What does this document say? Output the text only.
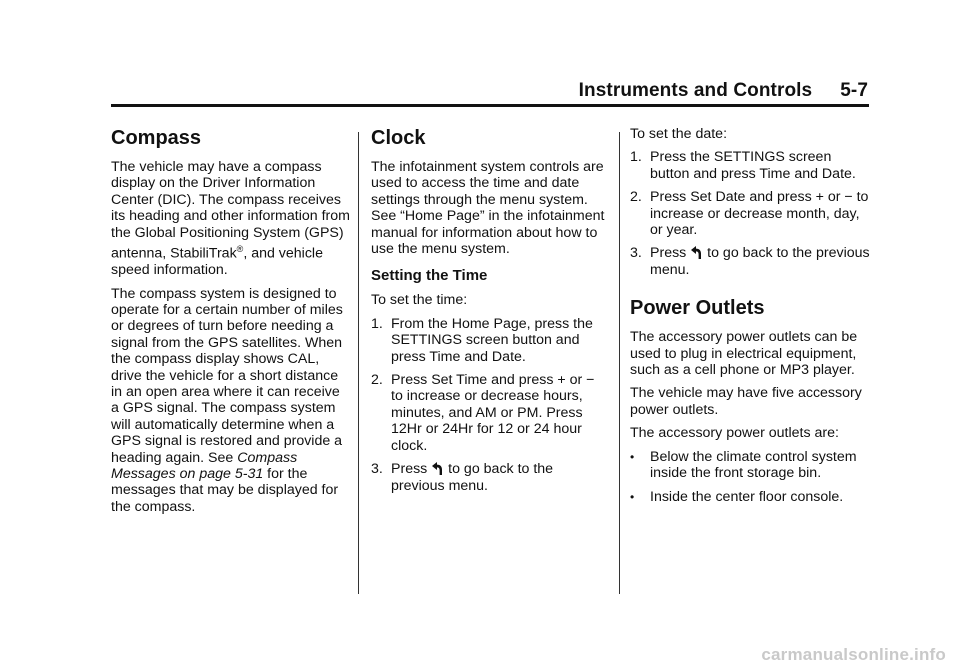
Instruments and Controls 5-7
Compass

The vehicle may have a compass display on the Driver Information Center (DIC). The compass receives its heading and other information from the Global Positioning System (GPS) antenna, StabiliTrak®, and vehicle speed information.

The compass system is designed to operate for a certain number of miles or degrees of turn before needing a signal from the GPS satellites. When the compass display shows CAL, drive the vehicle for a short distance in an open area where it can receive a GPS signal. The compass system will automatically determine when a GPS signal is restored and provide a heading again. See Compass Messages on page 5-31 for the messages that may be displayed for the compass.

Clock

The infotainment system controls are used to access the time and date settings through the menu system. See “Home Page” in the infotainment manual for information about how to use the menu system.

Setting the Time

To set the time:

1. From the Home Page, press the SETTINGS screen button and press Time and Date.
2. Press Set Time and press + or − to increase or decrease hours, minutes, and AM or PM. Press 12Hr or 24Hr for 12 or 24 hour clock.
3. Press  to go back to the previous menu.

To set the date:

1. Press the SETTINGS screen button and press Time and Date.
2. Press Set Date and press + or − to increase or decrease month, day, or year.
3. Press  to go back to the previous menu.
Power Outlets

The accessory power outlets can be used to plug in electrical equipment, such as a cell phone or MP3 player.

The vehicle may have five accessory power outlets.

The accessory power outlets are:

• Below the climate control system inside the front storage bin.
• Inside the center floor console.
carmanualsonline.info
